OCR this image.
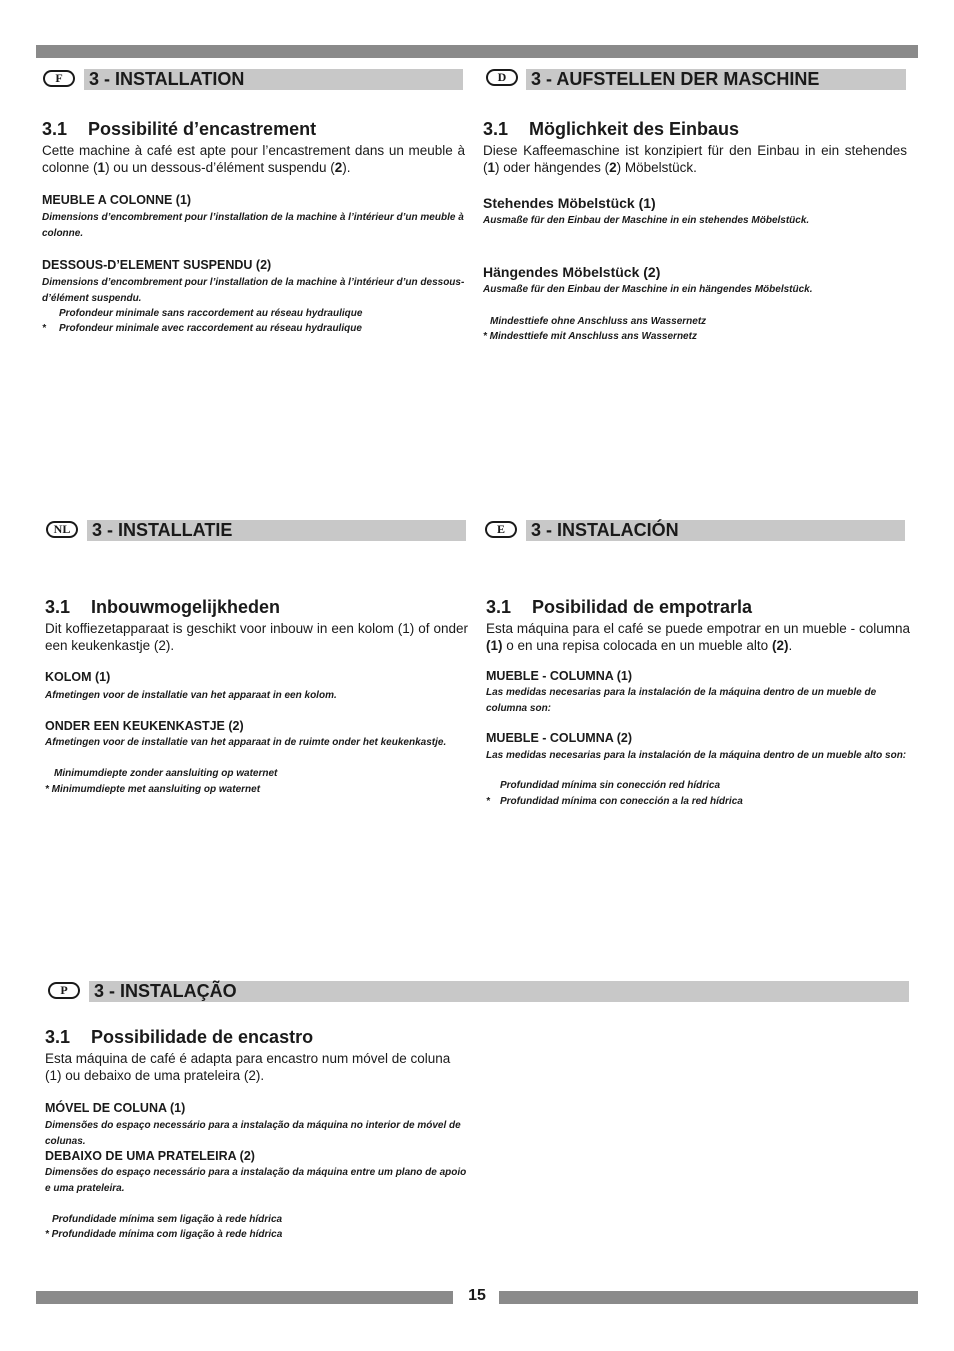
F	3 - INSTALLATION
3.1 Possibilité d’encastrement
Cette machine à café est apte pour l’encastrement dans un meuble à colonne (1) ou un dessous-d’élément suspendu (2).
MEUBLE A COLONNE (1)
Dimensions d’encombrement pour l’installation de la machine à l’intérieur d’un meuble à colonne.
DESSOUS-D’ELEMENT SUSPENDU (2)
Dimensions d’encombrement pour l’installation de la machine à l’intérieur d’un dessous-d’élément suspendu.
Profondeur minimale sans raccordement au réseau hydraulique
* Profondeur minimale avec raccordement au réseau hydraulique
D	3 - AUFSTELLEN DER MASCHINE
3.1 Möglichkeit des Einbaus
Diese Kaffeemaschine ist konzipiert für den Einbau in ein stehendes (1) oder hängendes (2) Möbelstück.
Stehendes Möbelstück (1)
Ausmaße für den Einbau der Maschine in ein stehendes Möbelstück.
Hängendes Möbelstück (2)
Ausmaße für den Einbau der Maschine in ein hängendes Möbelstück.
Mindesttiefe ohne Anschluss ans Wassernetz
* Mindesttiefe mit Anschluss ans Wassernetz
NL	3 - INSTALLATIE
3.1 Inbouwmogelijkheden
Dit koffiezetapparaat is geschikt voor inbouw in een kolom (1) of onder een keukenkastje (2).
KOLOM (1)
Afmetingen voor de installatie van het apparaat in een kolom.
ONDER EEN KEUKENKASTJE (2)
Afmetingen voor de installatie van het apparaat in de ruimte onder het keukenkastje.
Minimumdiepte zonder aansluiting op waternet
* Minimumdiepte met aansluiting op waternet
E	3 - INSTALACIÓN
3.1 Posibilidad de empotrarla
Esta máquina para el café se puede empotrar en un mueble - columna (1) o en una repisa colocada en un mueble alto (2).
MUEBLE - COLUMNA (1)
Las medidas necesarias para la instalación de la máquina dentro de un mueble de columna son:
MUEBLE - COLUMNA (2)
Las medidas necesarias para la instalación de la máquina dentro de un mueble alto son:
Profundidad mínima sin conección red hídrica
* Profundidad mínima con conección a la red hídrica
P	3 - INSTALAÇÃO
3.1 Possibilidade de encastro
Esta máquina de café é adapta para encastro num móvel de coluna (1) ou debaixo de uma prateleira (2).
MÓVEL DE COLUNA (1)
Dimensões do espaço necessário para a instalação da máquina no interior de móvel de colunas.
DEBAIXO DE UMA PRATELEIRA (2)
Dimensões do espaço necessário para a instalação da máquina entre um plano de apoio e uma prateleira.
Profundidade mínima sem ligação à rede hídrica
* Profundidade mínima com ligação à rede hídrica
15
